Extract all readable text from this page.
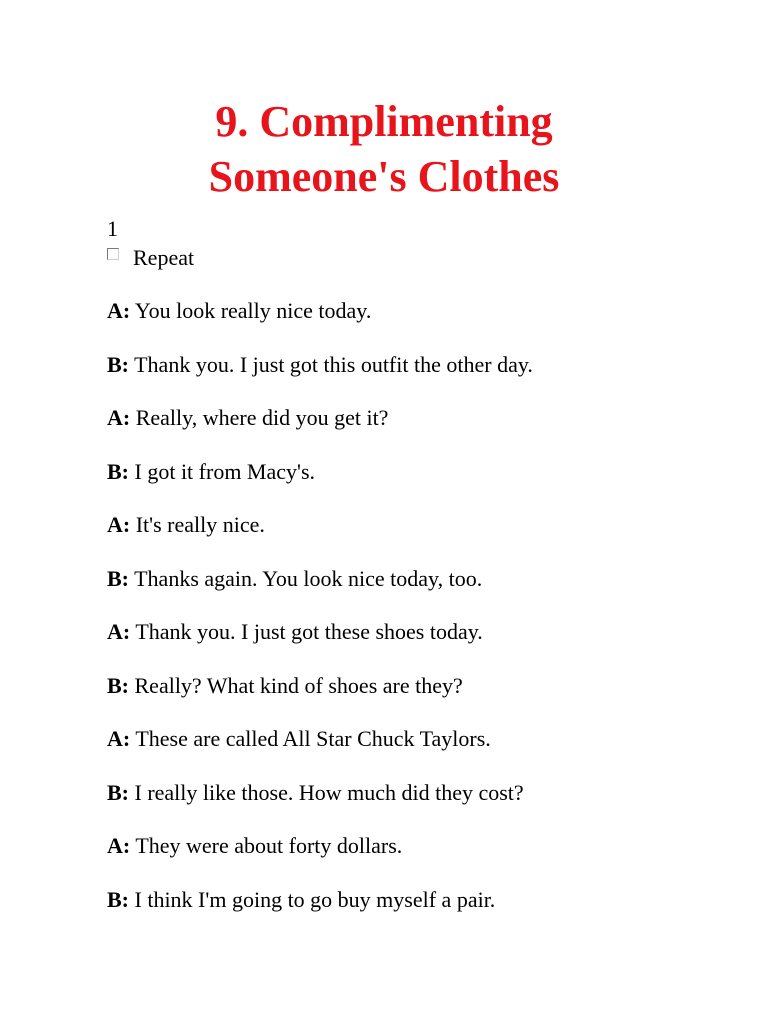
9. Complimenting
Someone's Clothes
1
Repeat
A: You look really nice today.
B: Thank you. I just got this outfit the other day.
A: Really, where did you get it?
B: I got it from Macy's.
A: It's really nice.
B: Thanks again. You look nice today, too.
A: Thank you. I just got these shoes today.
B: Really? What kind of shoes are they?
A: These are called All Star Chuck Taylors.
B: I really like those. How much did they cost?
A: They were about forty dollars.
B: I think I'm going to go buy myself a pair.
